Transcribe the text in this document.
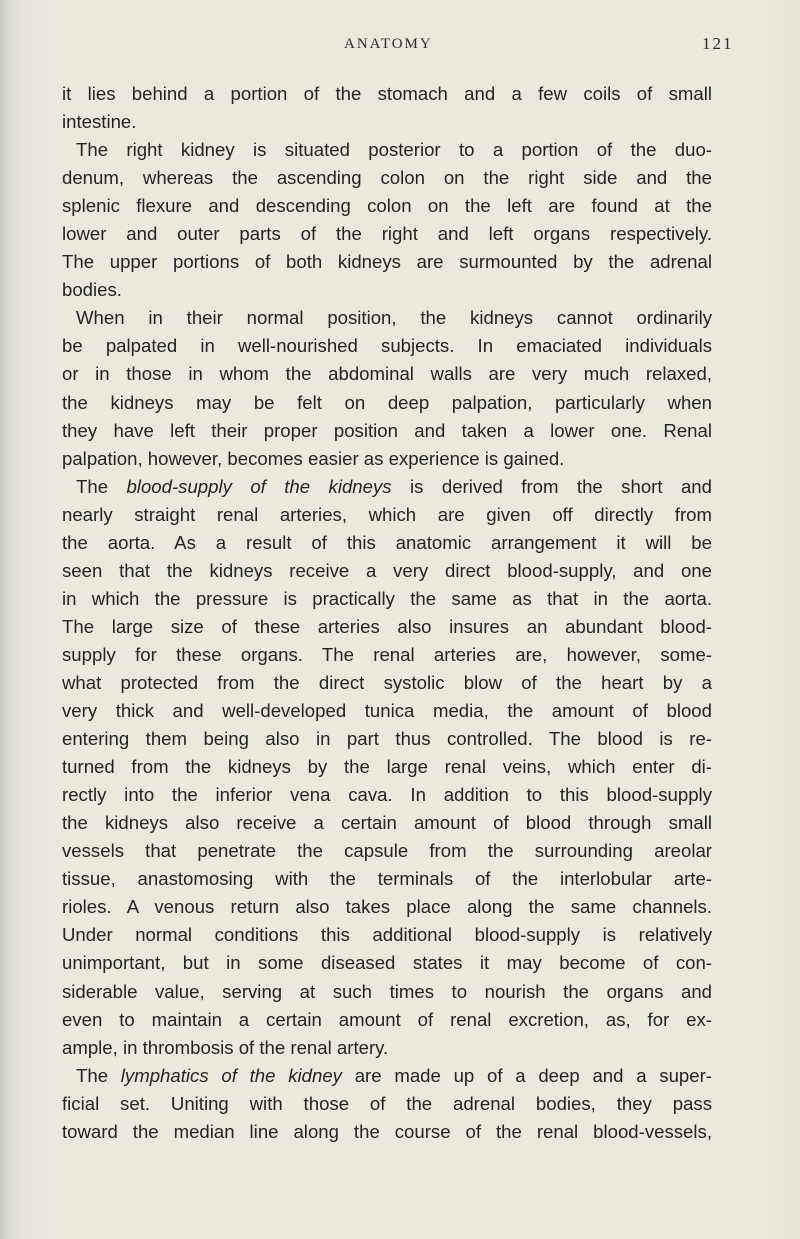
ANATOMY	121
it lies behind a portion of the stomach and a few coils of small
intestine.
The right kidney is situated posterior to a portion of the duo-
denum, whereas the ascending colon on the right side and the
splenic flexure and descending colon on the left are found at the
lower and outer parts of the right and left organs respectively.
The upper portions of both kidneys are surmounted by the adrenal
bodies.
When in their normal position, the kidneys cannot ordinarily
be palpated in well-nourished subjects. In emaciated individuals
or in those in whom the abdominal walls are very much relaxed,
the kidneys may be felt on deep palpation, particularly when
they have left their proper position and taken a lower one. Renal
palpation, however, becomes easier as experience is gained.
The blood-supply of the kidneys is derived from the short and
nearly straight renal arteries, which are given off directly from
the aorta. As a result of this anatomic arrangement it will be
seen that the kidneys receive a very direct blood-supply, and one
in which the pressure is practically the same as that in the aorta.
The large size of these arteries also insures an abundant blood-
supply for these organs. The renal arteries are, however, some-
what protected from the direct systolic blow of the heart by a
very thick and well-developed tunica media, the amount of blood
entering them being also in part thus controlled. The blood is re-
turned from the kidneys by the large renal veins, which enter di-
rectly into the inferior vena cava. In addition to this blood-supply
the kidneys also receive a certain amount of blood through small
vessels that penetrate the capsule from the surrounding areolar
tissue, anastomosing with the terminals of the interlobular arte-
rioles. A venous return also takes place along the same channels.
Under normal conditions this additional blood-supply is relatively
unimportant, but in some diseased states it may become of con-
siderable value, serving at such times to nourish the organs and
even to maintain a certain amount of renal excretion, as, for ex-
ample, in thrombosis of the renal artery.
The lymphatics of the kidney are made up of a deep and a super-
ficial set. Uniting with those of the adrenal bodies, they pass
toward the median line along the course of the renal blood-vessels,
